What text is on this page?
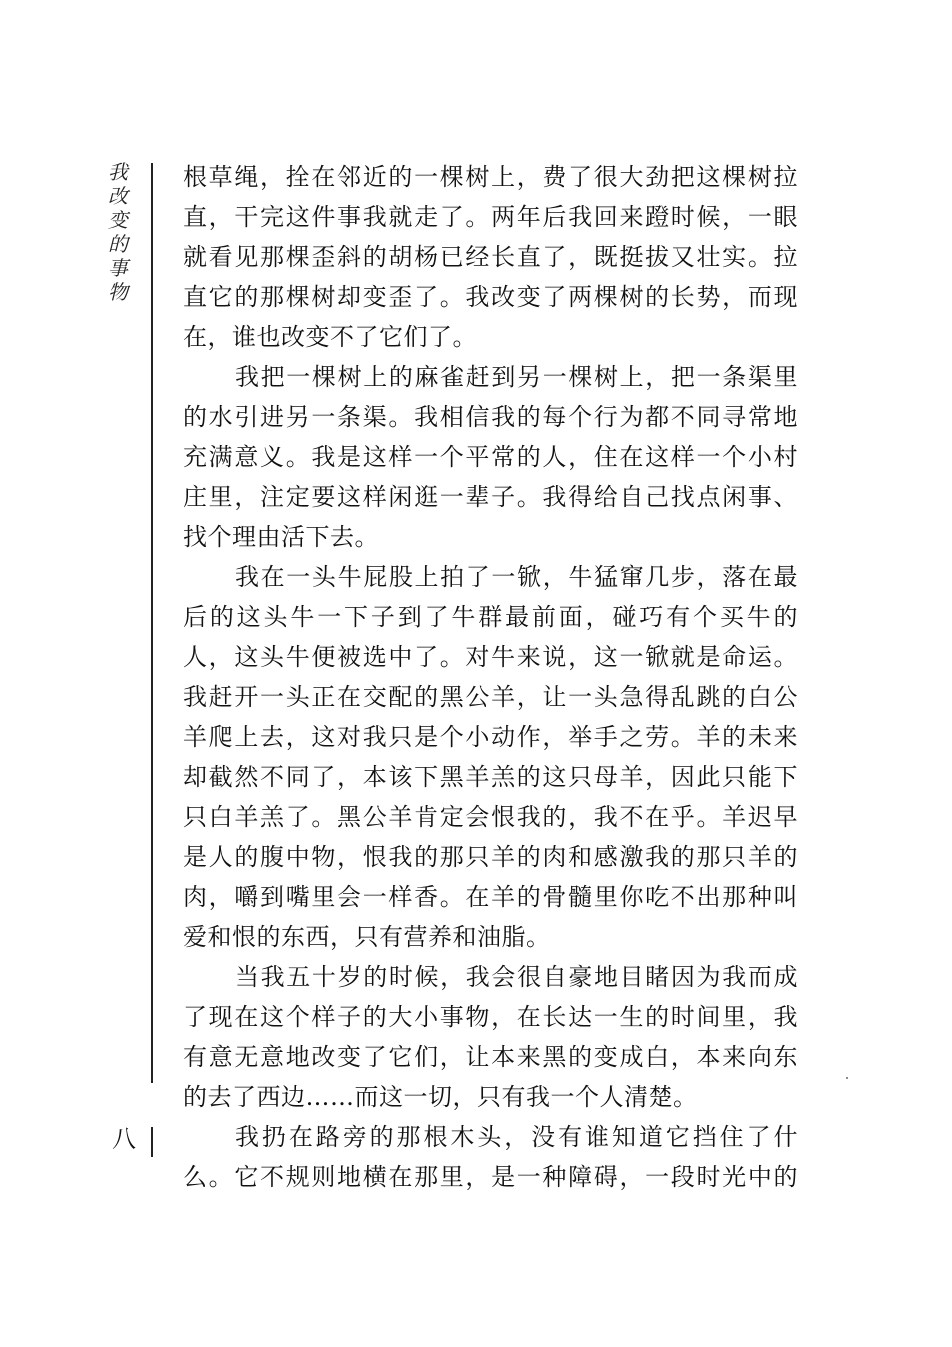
我
改
变
的
事
物
八
根草绳，拴在邻近的一棵树上，费了很大劲把这棵树拉
直，干完这件事我就走了。两年后我回来蹬时候，一眼
就看见那棵歪斜的胡杨已经长直了，既挺拔又壮实。拉
直它的那棵树却变歪了。我改变了两棵树的长势，而现
在，谁也改变不了它们了。
我把一棵树上的麻雀赶到另一棵树上，把一条渠里
的水引进另一条渠。我相信我的每个行为都不同寻常地
充满意义。我是这样一个平常的人，住在这样一个小村
庄里，注定要这样闲逛一辈子。我得给自己找点闲事、
找个理由活下去。
我在一头牛屁股上拍了一锨，牛猛窜几步，落在最
后的这头牛一下子到了牛群最前面，碰巧有个买牛的
人，这头牛便被选中了。对牛来说，这一锨就是命运。
我赶开一头正在交配的黑公羊，让一头急得乱跳的白公
羊爬上去，这对我只是个小动作，举手之劳。羊的未来
却截然不同了，本该下黑羊羔的这只母羊，因此只能下
只白羊羔了。黑公羊肯定会恨我的，我不在乎。羊迟早
是人的腹中物，恨我的那只羊的肉和感激我的那只羊的
肉，嚼到嘴里会一样香。在羊的骨髓里你吃不出那种叫
爱和恨的东西，只有营养和油脂。
当我五十岁的时候，我会很自豪地目睹因为我而成
了现在这个样子的大小事物，在长达一生的时间里，我
有意无意地改变了它们，让本来黑的变成白，本来向东
的去了西边……而这一切，只有我一个人清楚。
我扔在路旁的那根木头，没有谁知道它挡住了什
么。它不规则地横在那里，是一种障碍，一段时光中的
